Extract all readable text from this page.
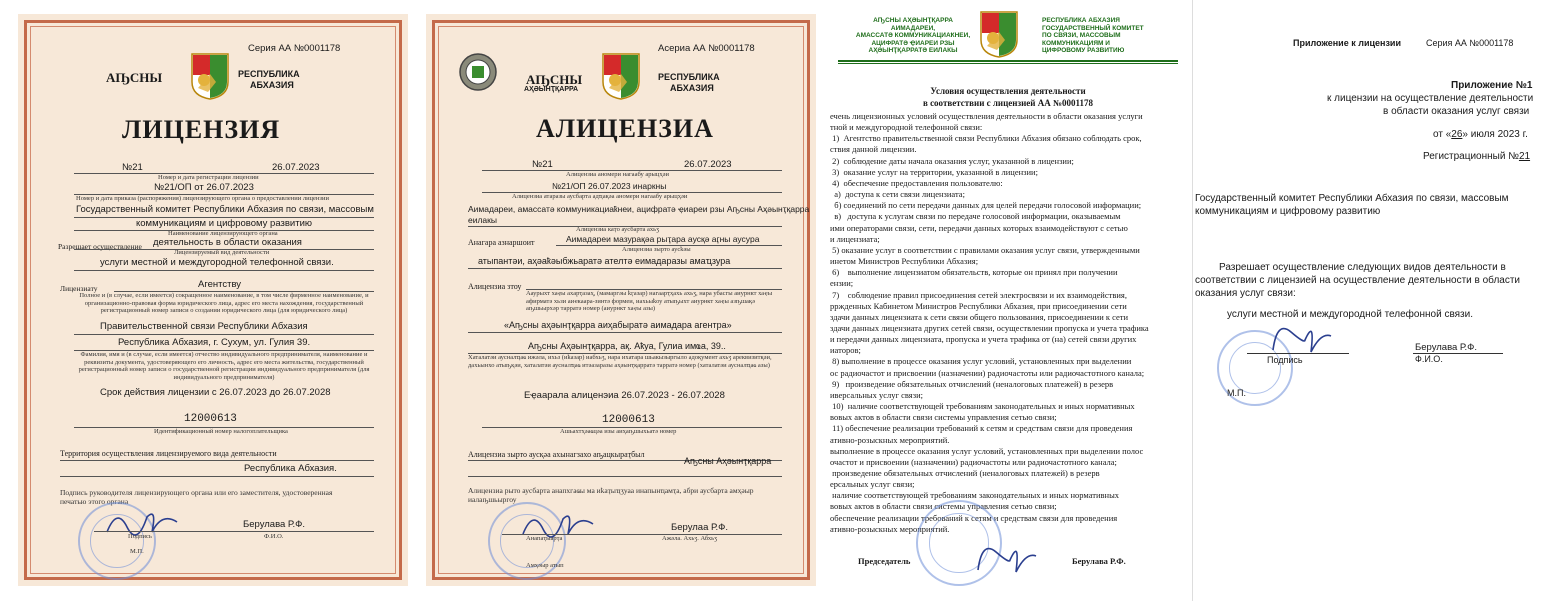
Серия АА №0001178
АҦСНЫ	РЕСПУБЛИКА
АБХАЗИЯ
ЛИЦЕНЗИЯ
№21	26.07.2023
Номер и дата регистрации лицензии
№21/ОП от 26.07.2023
Номер и дата приказа (распоряжения) лицензирующего органа о предоставлении лицензии
Государственный комитет Республики Абхазия по связи, массовым
коммуникациям и цифровому развитию
Наименование лицензирующего органа
деятельность в области оказания
Разрешает осуществление
Лицензируемый вид деятельности
услуги местной и междугородной телефонной связи.
Агентству
Лицензиату
Полное и (в случае, если имеется) сокращенное наименование, в том числе фирменное наименование, и организационно-правовая форма юридического лица, адрес его места нахождения, государственный регистрационный номер записи о создании юридического лица (для юридического лица)
Правительственной связи Республики Абхазия
Республика Абхазия, г. Сухум, ул. Гулия 39.
Фамилия, имя и (в случае, если имеется) отчество индивидуального предпринимателя, наименование и реквизиты документа, удостоверяющего его личность, адрес его места жительства, государственный регистрационный номер записи о государственной регистрации индивидуального предпринимателя (для индивидуального предпринимателя)
Срок действия лицензии с 26.07.2023 до 26.07.2028
12000613
Идентификационный номер налогоплательщика
Территория осуществления лицензируемого вида деятельности
Республика Абхазия.
Подпись руководителя лицензирующего органа или его заместителя, удостоверенная печатью этого органа
Берулава Р.Ф.
Подпись	Ф.И.О.
М.П.
Асериа АА №0001178
АҦСНЫ
АҲӘЫНҬҚАРРА
РЕСПУБЛИКА
АБХАЗИЯ
АЛИЦЕНЗИА
№21	26.07.2023
Алицензиа аномери нагаабу арыцҳәи
№21/ОП 26.07.2023 инаркны
Алицензиа атаразы аусбарта адҵақәа аномери нагаабу арыцҳәи
Аимадареи, амассатә коммуникациаҟнеи, ацифратә ҿиареи рзы Аҧсны Аҳәынҭқарра
еилакы
Алицензиа каҭо аусбарта ахьӡ
Анагара азнаршоит	Аимадареи мазурақәа рыҭара аусқә аӷны аусура
Алицензиа зырто аусҟәы
атыпантәи, аҳәаҟәыбжьаратә ателтә еимадаразы амаҵзура
Алицензиа зтоу
Ааурыхт хаҿы ахарҭазаҳ, (мамаргәы ҟӷазар) нагаарҭҳахь ахьӡ, нара убасгы аиурнкт хаҿы афирматә хьзи аиҽкаара-зинтә формеи, иахьыҟоу атыҧыхт аиурнкт хаҿы азҧшақә аҧшьырхәр тарратә номер (аиурнкт хаҿы азы)
«Аҧсны аҳәынҭқарра аиҳабыратә аимадара агентра»
Аҧсны Аҳәынҭқарра, ақ. Аҟуа, Гулиа имҩа, 39..
Хаталатәи аусналҵаҩ ижәла, ихьз (иҟазар) иабхьӡ, нара ихатара шьакызыргыло адоқумент ахьӡ ареквизитқәи, дахьынхо атыҧқәи, хаталатәи аусналҵаҩ итәазаразы аҳәынҭқарратә тарратә номер (хаталатәи аусналҵаҩ азы)
Еҿаарала алиценэиа 26.07.2023 - 26.07.2028
12000613
Ашьахтҳәаҩцәа изы аиҳаҧшыхьатә номер
Алицензиа зырто аусқәа ахынагзахо аҧацкыраҭбыл
Аҧсны Аҳәынҭқарра
Алицензиа рыто аусбарта анапхгаҩы ма иҟаҭыҵӡуаа инапынҵамҭа, абри аусбарта амҳәыр иалаҧшьыргоу
Берулаа Р.Ф.
Анапаҭыарҭа	Ажәла. Ахьӡ. Абхьӡ
Амҳәыр атып
АҦСНЫ АҲӘЫНҬҚАРРА
АИМАДАРЕИ,
АМАССАТӘ КОММУНИКАЦИАҞНЕИ,
АЦИФРАТӘ ҾИАРЕИ РЗЫ
АҲӘЫНҬҚАРРАТӘ ЕИЛАКЫ
РЕСПУБЛИКА АБХАЗИЯ
ГОСУДАРСТВЕННЫЙ КОМИТЕТ
ПО СВЯЗИ, МАССОВЫМ
КОММУНИКАЦИЯМ И
ЦИФРОВОМУ РАЗВИТИЮ
Условия осуществления деятельности
в соответствии с лицензией АА №0001178
ечень лицензионных условий осуществления деятельности в области оказания услуги
тной и междугородной телефонной связи:
1)  Агентство правительственной связи Республики Абхазия обязано соблюдать срок,
ствия данной лицензии.
2)  соблюдение даты начала оказания услуг, указанной в лицензии;
3)  оказание услуг на территории, указанной в лицензии;
4)  обеспечение предоставления пользователю:
а)  доступа к сети связи лицензиата;
б) соединений по сети передачи данных для целей передачи голосовой информации;
в)   доступа к услугам связи по передаче голосовой информации, оказываемым
ими операторами связи, сети, передачи данных которых взаимодействуют с сетью
и лицензиата;
5) оказание услуг в соответствии с правилами оказания услуг связи, утвержденными
инетом Министров Республики Абхазия;
6)    выполнение лицензиатом обязательств, которые он принял при получении
ензии;
7)    соблюдение правил присоединения сетей электросвязи и их взаимодействия,
рржденных Кабинетом Министров Республики Абхазия, при присоединении сети
здачи данных лицензиата к сети связи общего пользования, присоединении к сети
здачи данных лицензиата других сетей связи, осуществлении пропуска и учета трафика
и передачи данных лицензиата, пропуска и учета трафика от (на) сетей связи других
иаторов;
8) выполнение в процессе оказания услуг условий, установленных при выделении
ос радиочастот и присвоении (назначении) радиочастоты или радиочастотного канала;
9)   произведение обязательных отчислений (неналоговых платежей) в резерв
иверсальных услуг связи;
10)  наличие соответствующей требованиям законодательных и иных нормативных
вовых актов в области связи системы управления сетью связи;
11) обеспечение реализации требований к сетям и средствам связи для проведения
ативно-розыскных мероприятий.
выполнение в процессе оказания услуг условий, установленных при выделении полос
очастот и присвоении (назначении) радиочастоты или радиочастотного канала;
произведение обязательных отчислений (неналоговых платежей) в резерв
ерсальных услуг связи;
наличие соответствующей требованиям законодательных и иных нормативных
вовых актов в области связи системы управления сетью связи;
обеспечение реализации требований к сетям и средствам связи для проведения
ативно-розыскных мероприятий.
Председатель	Берулава Р.Ф.
Приложение к лицензии	Серия АА №0001178
Приложение №1
к лицензии на осуществление деятельности
в области оказания услуг связи
от «26» июля 2023 г.
Регистрационный №21
Государственный комитет Республики Абхазия по связи, массовым
коммуникациям и цифровому развитию
Разрешает осуществление следующих видов деятельности в
соответствии с лицензией на осуществление деятельности в области
оказания услуг связи:
услуги местной и междугородной телефонной связи.
Подпись
Берулава Р.Ф.
Ф.И.О.
М.П.
